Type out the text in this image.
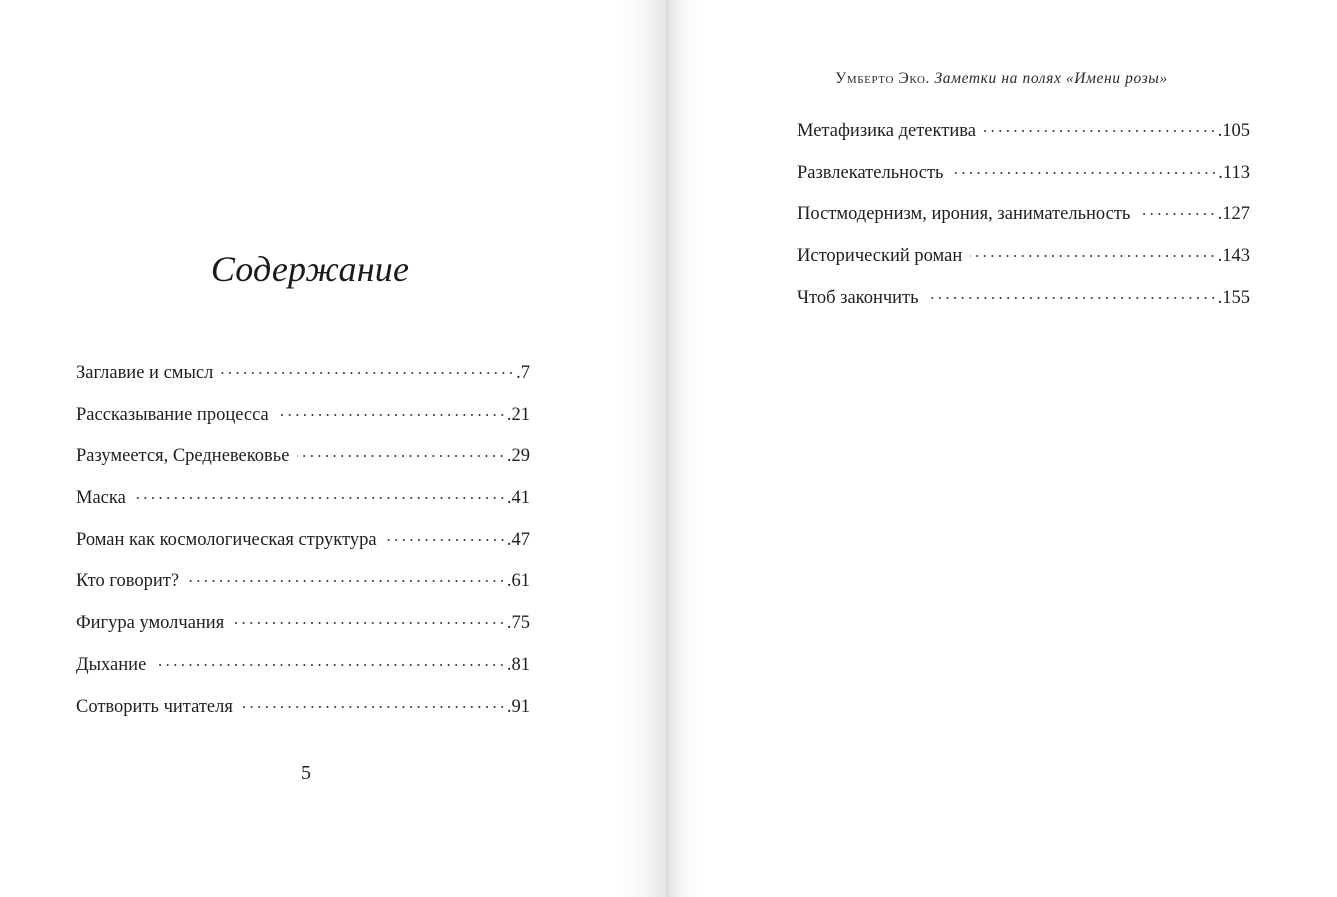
Содержание
Заглавие и смысл	.7
Рассказывание процесса	.21
Разумеется, Средневековье	.29
Маска	.41
Роман как космологическая структура	.47
Кто говорит?	.61
Фигура умолчания	.75
Дыхание	.81
Сотворить читателя	.91
5
Умберто Эко. Заметки на полях «Имени розы»
Метафизика детектива	.105
Развлекательность	.113
Постмодернизм, ирония, занимательность	.127
Исторический роман	.143
Чтоб закончить	.155
